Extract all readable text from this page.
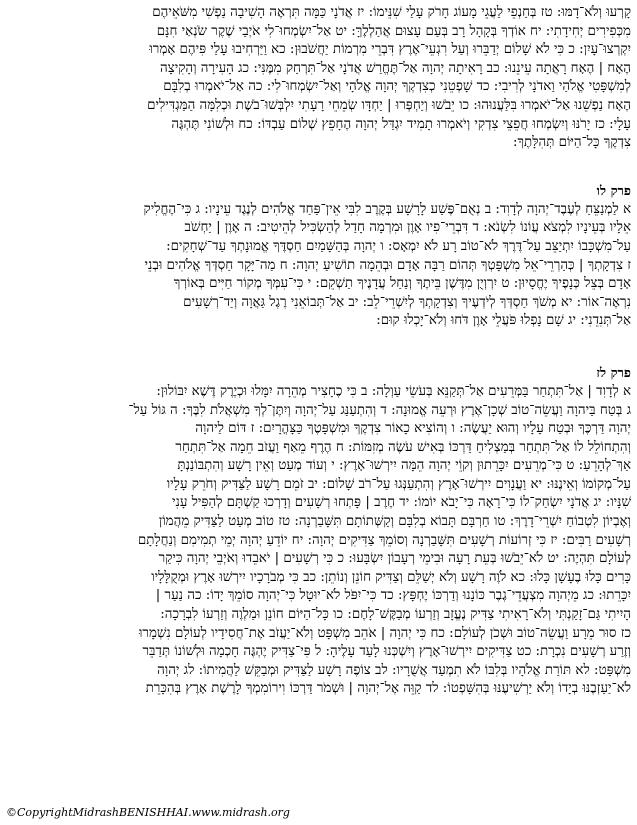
קָרְעוּ וְלֹא־דָמּוּ: טז בְּחַנְפֵי לַעֲגֵי מָעוֹג חָרֹק עָלַי שִׁנֵּימוֹ: יז אֲדֹנָי כַּמָּה תִּרְאֶה הָשִׁיבָה נַפְשִׁי מִשֹּׁאֵיהֶם
מִכְּפִירִים יְחִידָתִי: יח אוֹדְךָ בְּקָהָל רָב בְּעַם עָצוּם אֲהַלְלֶךָּ: יט אַל־יִשְׂמְחוּ־לִי אֹיְבַי שֶׁקֶר שֹׂנְאַי חִנָּם
יִקְרְצוּ־עָיִן: כ כִּי לֹא שָׁלוֹם יְדַבֵּרוּ וְעַל רִגְעֵי־אֶרֶץ דִּבְרֵי מִרְמוֹת יַחֲשֹׁבוּן: כא וַיַּרְחִיבוּ עָלַי פִּיהֶם אָמְרוּ
הֶאָח | הֶאָח רָאֲתָה עֵינֵנוּ: כב רָאִיתָה יְהוָה אַל־תֶּחֱרַשׁ אֲדֹנָי אַל־תִּרְחַק מִמֶּנִּי: כג הָעִירָה וְהָקִיצָה
לְמִשְׁפָּטִי אֱלֹהַי וַאדֹנָי לְרִיבִי: כד שָׁפְטֵנִי כְצִדְקְךָ יְהוָה אֱלֹהָי וְאַל־יִשְׂמְחוּ־לִי: כה אַל־יֹאמְרוּ בְלִבָּם
הֶאָח נַפְשֵׁנוּ אַל־יֹאמְרוּ בִּלַּעֲנוּהוּ: כו יֵבֹשׁוּ וְיַחְפְּרוּ | יַחְדָּו שְׂמֵחֵי רָעָתִי יִלְבְּשׁוּ־בֹשֶׁת וּכְלִמָּה הַמַּגְדִּילִים
עָלָי: כז יָרֹנּוּ וְיִשְׂמְחוּ חֲפֵצֵי צִדְקִי וְיֹאמְרוּ תָמִיד יִגְדַּל יְהוָה הֶחָפֵץ שְׁלוֹם עַבְדּוֹ: כח וּלְשׁוֹנִי תֶּהְגֶּה
צִדְקֶךָ כָּל־הַיּוֹם תְּהִלָּתֶךָ:
פרק לו
א לַמְנַצֵּחַ לְעֶבֶד־יְהוָה לְדָוִד: ב נְאֻם־פֶּשַׁע לָרָשָׁע בְּקֶרֶב לִבִּי אֵין־פַּחַד אֱלֹהִים לְנֶגֶד עֵינָיו: ג כִּי־הֶחֱלִיק
אֵלָיו בְּעֵינָיו לִמְצֹא עֲוֹנוֹ לִשְׂנֹא: ד דִּבְרֵי־פִיו אָוֶן וּמִרְמָה חָדַל לְהַשְׂכִּיל לְהֵיטִיב: ה אָוֶן | יַחְשֹׁב
עַל־מִשְׁכָּבוֹ יִתְיַצֵּב עַל־דֶּרֶךְ לֹא־טוֹב רָע לֹא יִמְאָס: ו יְהוָה בְּהַשָּׁמַיִם חַסְדֶּךָ אֱמוּנָתְךָ עַד־שְׁחָקִים:
ז צִדְקָתְךָ | כְּהַרְרֵי־אֵל מִשְׁפָּטְךָ תְּהוֹם רַבָּה אָדָם וּבְהֵמָה תוֹשִׁיעַ יְהוָה: ח מַה־יָּקָר חַסְדְּךָ אֱלֹהִים וּבְנֵי
אָדָם בְּצֵל כְּנָפֶיךָ יֶחֱסָיוּן: ט יִרְוְיֻן מִדֶּשֶׁן בֵּיתֶךָ וְנַחַל עֲדָנֶיךָ תַשְׁקֵם: י כִּי־עִמְּךָ מְקוֹר חַיִּים בְּאוֹרְךָ
נִרְאֶה־אוֹר: יא מְשֹׁךְ חַסְדְּךָ לְיֹדְעֶיךָ וְצִדְקָתְךָ לְיִשְׁרֵי־לֵב: יב אַל־תְּבוֹאֵנִי רֶגֶל גַּאֲוָה וְיַד־רְשָׁעִים
אַל־תְּנִדֵנִי: יג שָׁם נָפְלוּ פֹּעֲלֵי אָוֶן דֹּחוּ וְלֹא־יָכְלוּ קוּם:
פרק לז
א לְדָוִד | אַל־תִּתְחַר בַּמְּרֵעִים אַל־תְּקַנֵּא בְּעֹשֵׂי עַוְלָה: ב כִּי כֶחָצִיר מְהֵרָה יִמָּלוּ וּכְיֶרֶק דֶּשֶׁא יִבּוֹלוּן:
ג בְּטַח בַּיהוָה וַעֲשֵׂה־טוֹב שְׁכָן־אֶרֶץ וּרְעֵה אֱמוּנָה: ד וְהִתְעַנַּג עַל־יְהוָה וְיִתֶּן־לְךָ מִשְׁאֲלֹת לִבֶּךָ: ה גּוֹל עַל־
יְהוָה דַּרְכֶּךָ וּבְטַח עָלָיו וְהוּא יַעֲשֶׂה: ו וְהוֹצִיא כָאוֹר צִדְקֶךָ וּמִשְׁפָּטֶךָ כַּצָּהֳרָיִם: ז דּוֹם לַיהוָה
וְהִתְחוֹלֵל לוֹ אַל־תִּתְחַר בְּמַצְלִיחַ דַּרְכּוֹ בְּאִישׁ עֹשֶׂה מְזִמּוֹת: ח הֶרֶף מֵאַף וַעֲזֹב חֵמָה אַל־תִּתְחַר
אַךְ־לְהָרֵעַ: ט כִּי־מְרֵעִים יִכָּרֵתוּן וְקוֵֹי יְהוָה הֵמָּה יִירְשׁוּ־אָרֶץ: י וְעוֹד מְעַט וְאֵין רָשָׁע וְהִתְבּוֹנַנְתָּ
עַל־מְקוֹמוֹ וְאֵינֶנּוּ: יא וַעֲנָוִים יִירְשׁוּ־אָרֶץ וְהִתְעַנְּגוּ עַל־רֹב שָׁלוֹם: יב זֹמֵם רָשָׁע לַצַּדִּיק וְחֹרֵק עָלָיו
שִׁנָּיו: יג אֲדֹנָי יִשְׂחַק־לוֹ כִּי־רָאָה כִּי־יָבֹא יוֹמוֹ: יד חֶרֶב | פָּתְחוּ רְשָׁעִים וְדָרְכוּ קַשְׁתָּם לְהַפִּיל עָנִי
וְאֶבְיוֹן לִטְבוֹחַ יִשְׁרֵי־דָרֶךְ: טו חַרְבָּם תָּבוֹא בְלִבָּם וְקַשְּׁתוֹתָם תִּשָּׁבַרְנָה: טז טוֹב מְעַט לַצַּדִּיק מֵהֲמוֹן
רְשָׁעִים רַבִּים: יז כִּי זְרוֹעוֹת רְשָׁעִים תִּשָּׁבַרְנָה וְסוֹמֵךְ צַדִּיקִים יְהוָה: יח יוֹדֵעַ יְהוָה יְמֵי תְמִימִם וְנַחֲלָתָם
לְעוֹלָם תִּהְיֶה: יט לֹא־יֵבֹשׁוּ בְּעֵת רָעָה וּבִימֵי רְעָבוֹן יִשְׂבָּעוּ: כ כִּי רְשָׁעִים | יֹאבֵדוּ וְאֹיְבֵי יְהוָה כִּיקַר
כָּרִים כָּלוּ בֶעָשָׁן כָּלוּ: כא לֹוֶה רָשָׁע וְלֹא יְשַׁלֵּם וְצַדִּיק חוֹנֵן וְנוֹתֵן: כב כִּי מְבֹרָכָיו יִירְשׁוּ אָרֶץ וּמְקֻלָּלָיו
יִכָּרֵתוּ: כג מֵיְהוָה מִצְעֲדֵי־גֶבֶר כּוֹנָנוּ וְדַרְכּוֹ יֶחְפָּץ: כד כִּי־יִפֹּל לֹא־יוּטָל כִּי־יְהוָה סוֹמֵךְ יָדוֹ: כה נַעַר |
הָיִיתִי גַּם־זָקַנְתִּי וְלֹא־רָאִיתִי צַדִּיק נֶעֱזָב וְזַרְעוֹ מְבַקֶּשׁ־לָחֶם: כו כָּל־הַיּוֹם חוֹנֵן וּמַלְוֶה וְזַרְעוֹ לִבְרָכָה:
כז סוּר מֵרָע וַעֲשֵׂה־טוֹב וּשְׁכֹן לְעוֹלָם: כח כִּי יְהוָה | אֹהֵב מִשְׁפָּט וְלֹא־יַעֲזֹב אֶת־חֲסִידָיו לְעוֹלָם נִשְׁמָרוּ
וְזֶרַע רְשָׁעִים נִכְרָת: כט צַדִּיקִים יִירְשׁוּ־אָרֶץ וְיִשְׁכְּנוּ לָעַד עָלֶיהָ: ל פִּי־צַדִּיק יֶהְגֶּה חָכְמָה וּלְשׁוֹנוֹ תְּדַבֵּר
מִשְׁפָּט: לא תּוֹרַת אֱלֹהָיו בְּלִבּוֹ לֹא תִמְעַד אֲשֻׁרָיו: לב צוֹפֶה רָשָׁע לַצַּדִּיק וּמְבַקֵּשׁ לַהֲמִיתוֹ: לג יְהוָה
לֹא־יַעַזְבֶנּוּ בְיָדוֹ וְלֹא יַרְשִׁיעֶנּוּ בְּהִשָּׁפְטוֹ: לד קַוֵּה אֶל־יְהוָה | וּשְׁמֹר דַּרְכּוֹ וִירוֹמִמְךָ לָרֶשֶׁת אָרֶץ בְּהִכָּרֵת
©CopyrightMidrashBENISHHAI.www.midrash.org
